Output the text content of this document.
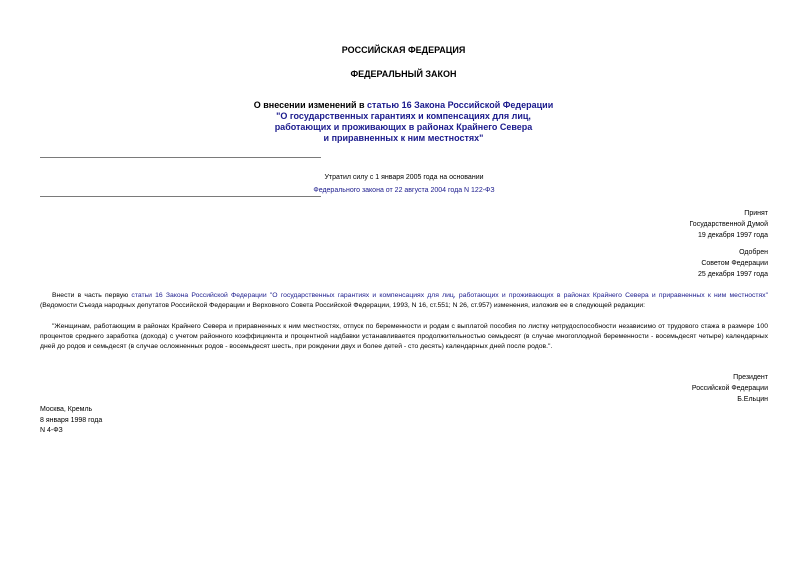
РОССИЙСКАЯ ФЕДЕРАЦИЯ
ФЕДЕРАЛЬНЫЙ ЗАКОН
О внесении изменений в статью 16 Закона Российской Федерации
"О государственных гарантиях и компенсациях для лиц,
работающих и проживающих в районах Крайнего Севера
и приравненных к ним местностях"
Утратил силу с 1 января 2005 года на основании
Федерального закона от 22 августа 2004 года N 122-ФЗ
Принят
Государственной Думой
19 декабря 1997 года
Одобрен
Советом Федерации
25 декабря 1997 года
Внести в часть первую статьи 16 Закона Российской Федерации "О государственных гарантиях и компенсациях для лиц, работающих и проживающих в районах Крайнего Севера и приравненных к ним местностях" (Ведомости Съезда народных депутатов Российской Федерации и Верховного Совета Российской Федерации, 1993, N 16, ст.551; N 26, ст.957) изменения, изложив ее в следующей редакции:
"Женщинам, работающим в районах Крайнего Севера и приравненных к ним местностях, отпуск по беременности и родам с выплатой пособия по листку нетрудоспособности независимо от трудового стажа в размере 100 процентов среднего заработка (дохода) с учетом районного коэффициента и процентной надбавки устанавливается продолжительностью семьдесят (в случае многоплодной беременности - восемьдесят четыре) календарных дней до родов и семьдесят (в случае осложненных родов - восемьдесят шесть, при рождении двух и более детей - сто десять) календарных дней после родов.".
Президент
Российской Федерации
Б.Ельцин
Москва, Кремль
8 января 1998 года
N 4-ФЗ
